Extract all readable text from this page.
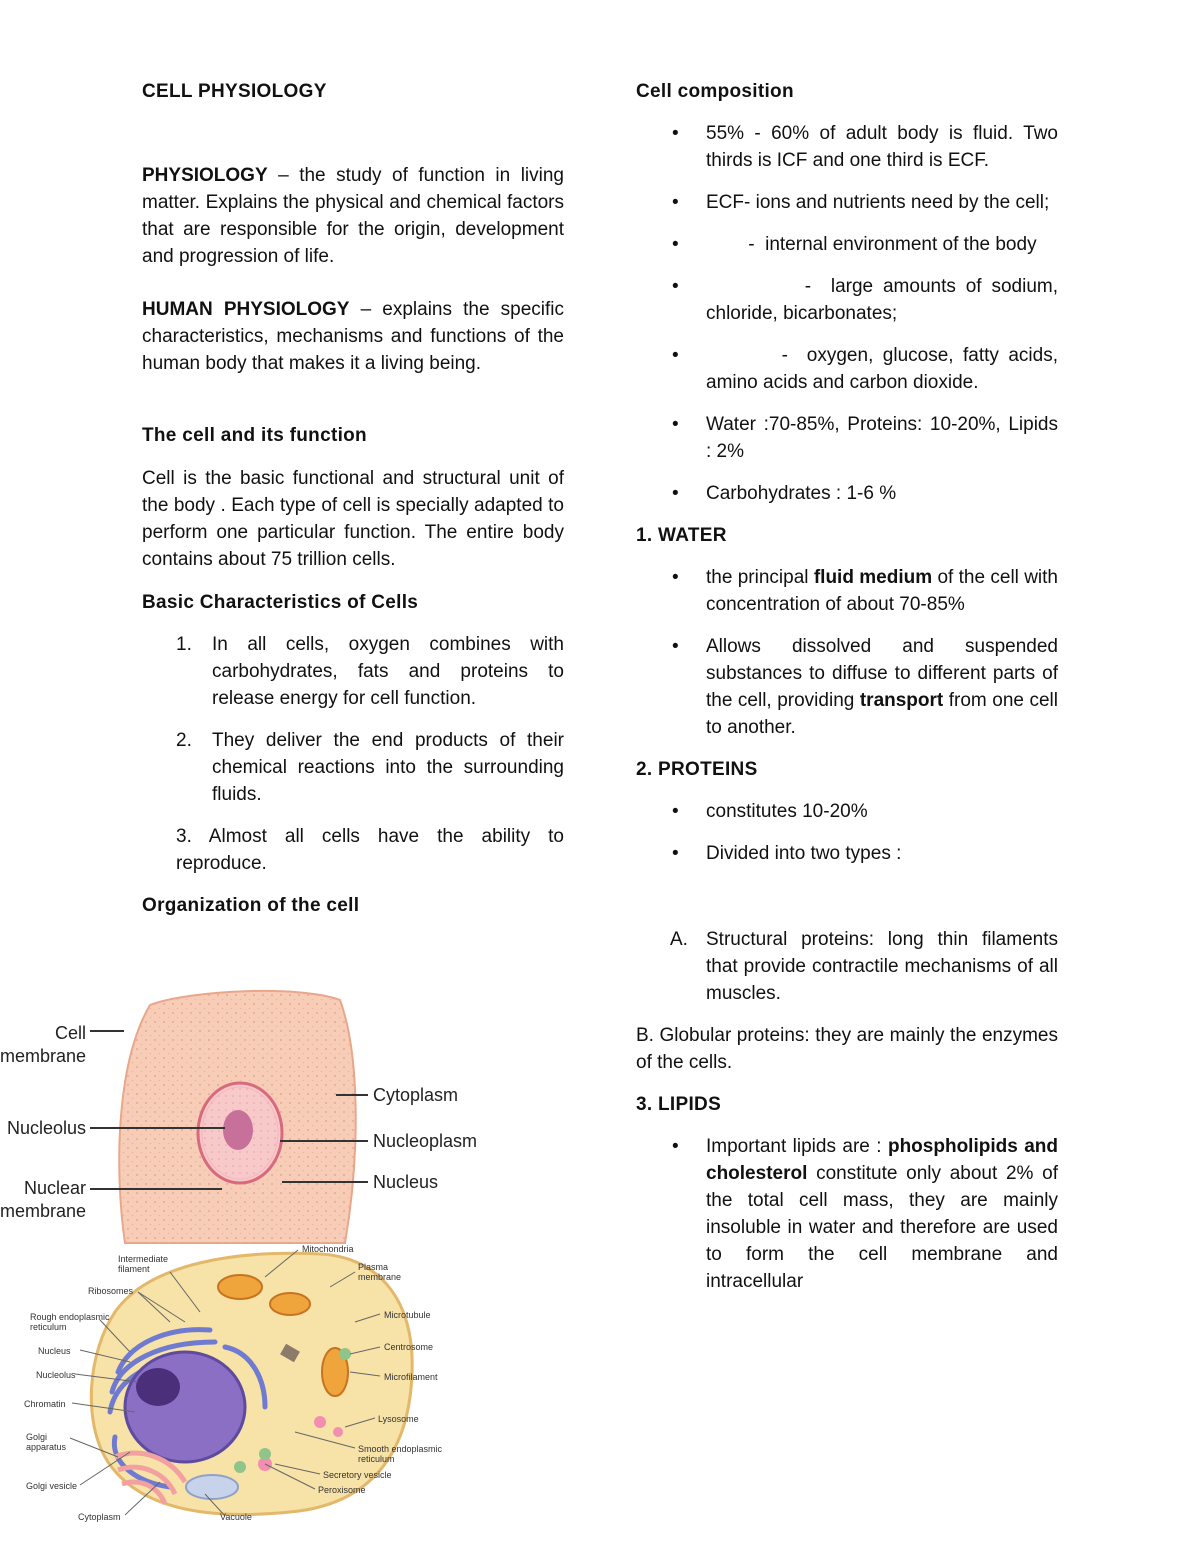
CELL PHYSIOLOGY

PHYSIOLOGY – the study of function in living matter. Explains the physical and chemical factors that are responsible for the origin, development and progression of life.

HUMAN PHYSIOLOGY – explains the specific characteristics, mechanisms and functions of the human body that makes it a living being.

The cell and its function

Cell is the basic functional and structural unit of the body . Each type of cell is specially adapted to perform one particular function. The entire body contains about 75 trillion cells.

Basic Characteristics of Cells

1. In all cells, oxygen combines with carbohydrates, fats and proteins to release energy for cell function.
2. They deliver the end products of their chemical reactions into the surrounding fluids.

3. Almost all cells have the ability to reproduce.

Organization of the cell

Cell
membrane
Nucleolus
Nuclear
membrane
Cytoplasm
Nucleoplasm
Nucleus
Intermediate
filament
Ribosomes
Rough endoplasmic
reticulum
Nucleus
Nucleolus
Chromatin
Golgi
apparatus
Golgi vesicle
Cytoplasm
Mitochondria
Plasma
membrane
Microtubule
Centrosome
Microfilament
Lysosome
Smooth endoplasmic
reticulum
Secretory vesicle
Peroxisome
Vacuole

Cell composition

• 55% - 60% of adult body is fluid. Two thirds is ICF and one third is ECF.
• ECF- ions and nutrients need by the cell;
• -  internal environment of the body
• -  large amounts of sodium, chloride, bicarbonates;
• -  oxygen, glucose, fatty acids, amino acids and carbon dioxide.
• Water :70-85%, Proteins: 10-20%, Lipids : 2%
• Carbohydrates : 1-6 %

1. WATER

• the principal fluid medium of the cell with concentration of about 70-85%
• Allows dissolved and suspended substances to diffuse to different parts of the cell, providing transport from one cell to another.

2. PROTEINS

• constitutes 10-20%
• Divided into two types :
A. Structural proteins: long thin filaments that provide contractile mechanisms of all muscles.

B. Globular proteins: they are mainly the enzymes of the cells.

3. LIPIDS

• Important lipids are : phospholipids and cholesterol constitute only about 2% of the total cell mass, they are mainly insoluble in water and therefore are used to form the cell membrane and intracellular
